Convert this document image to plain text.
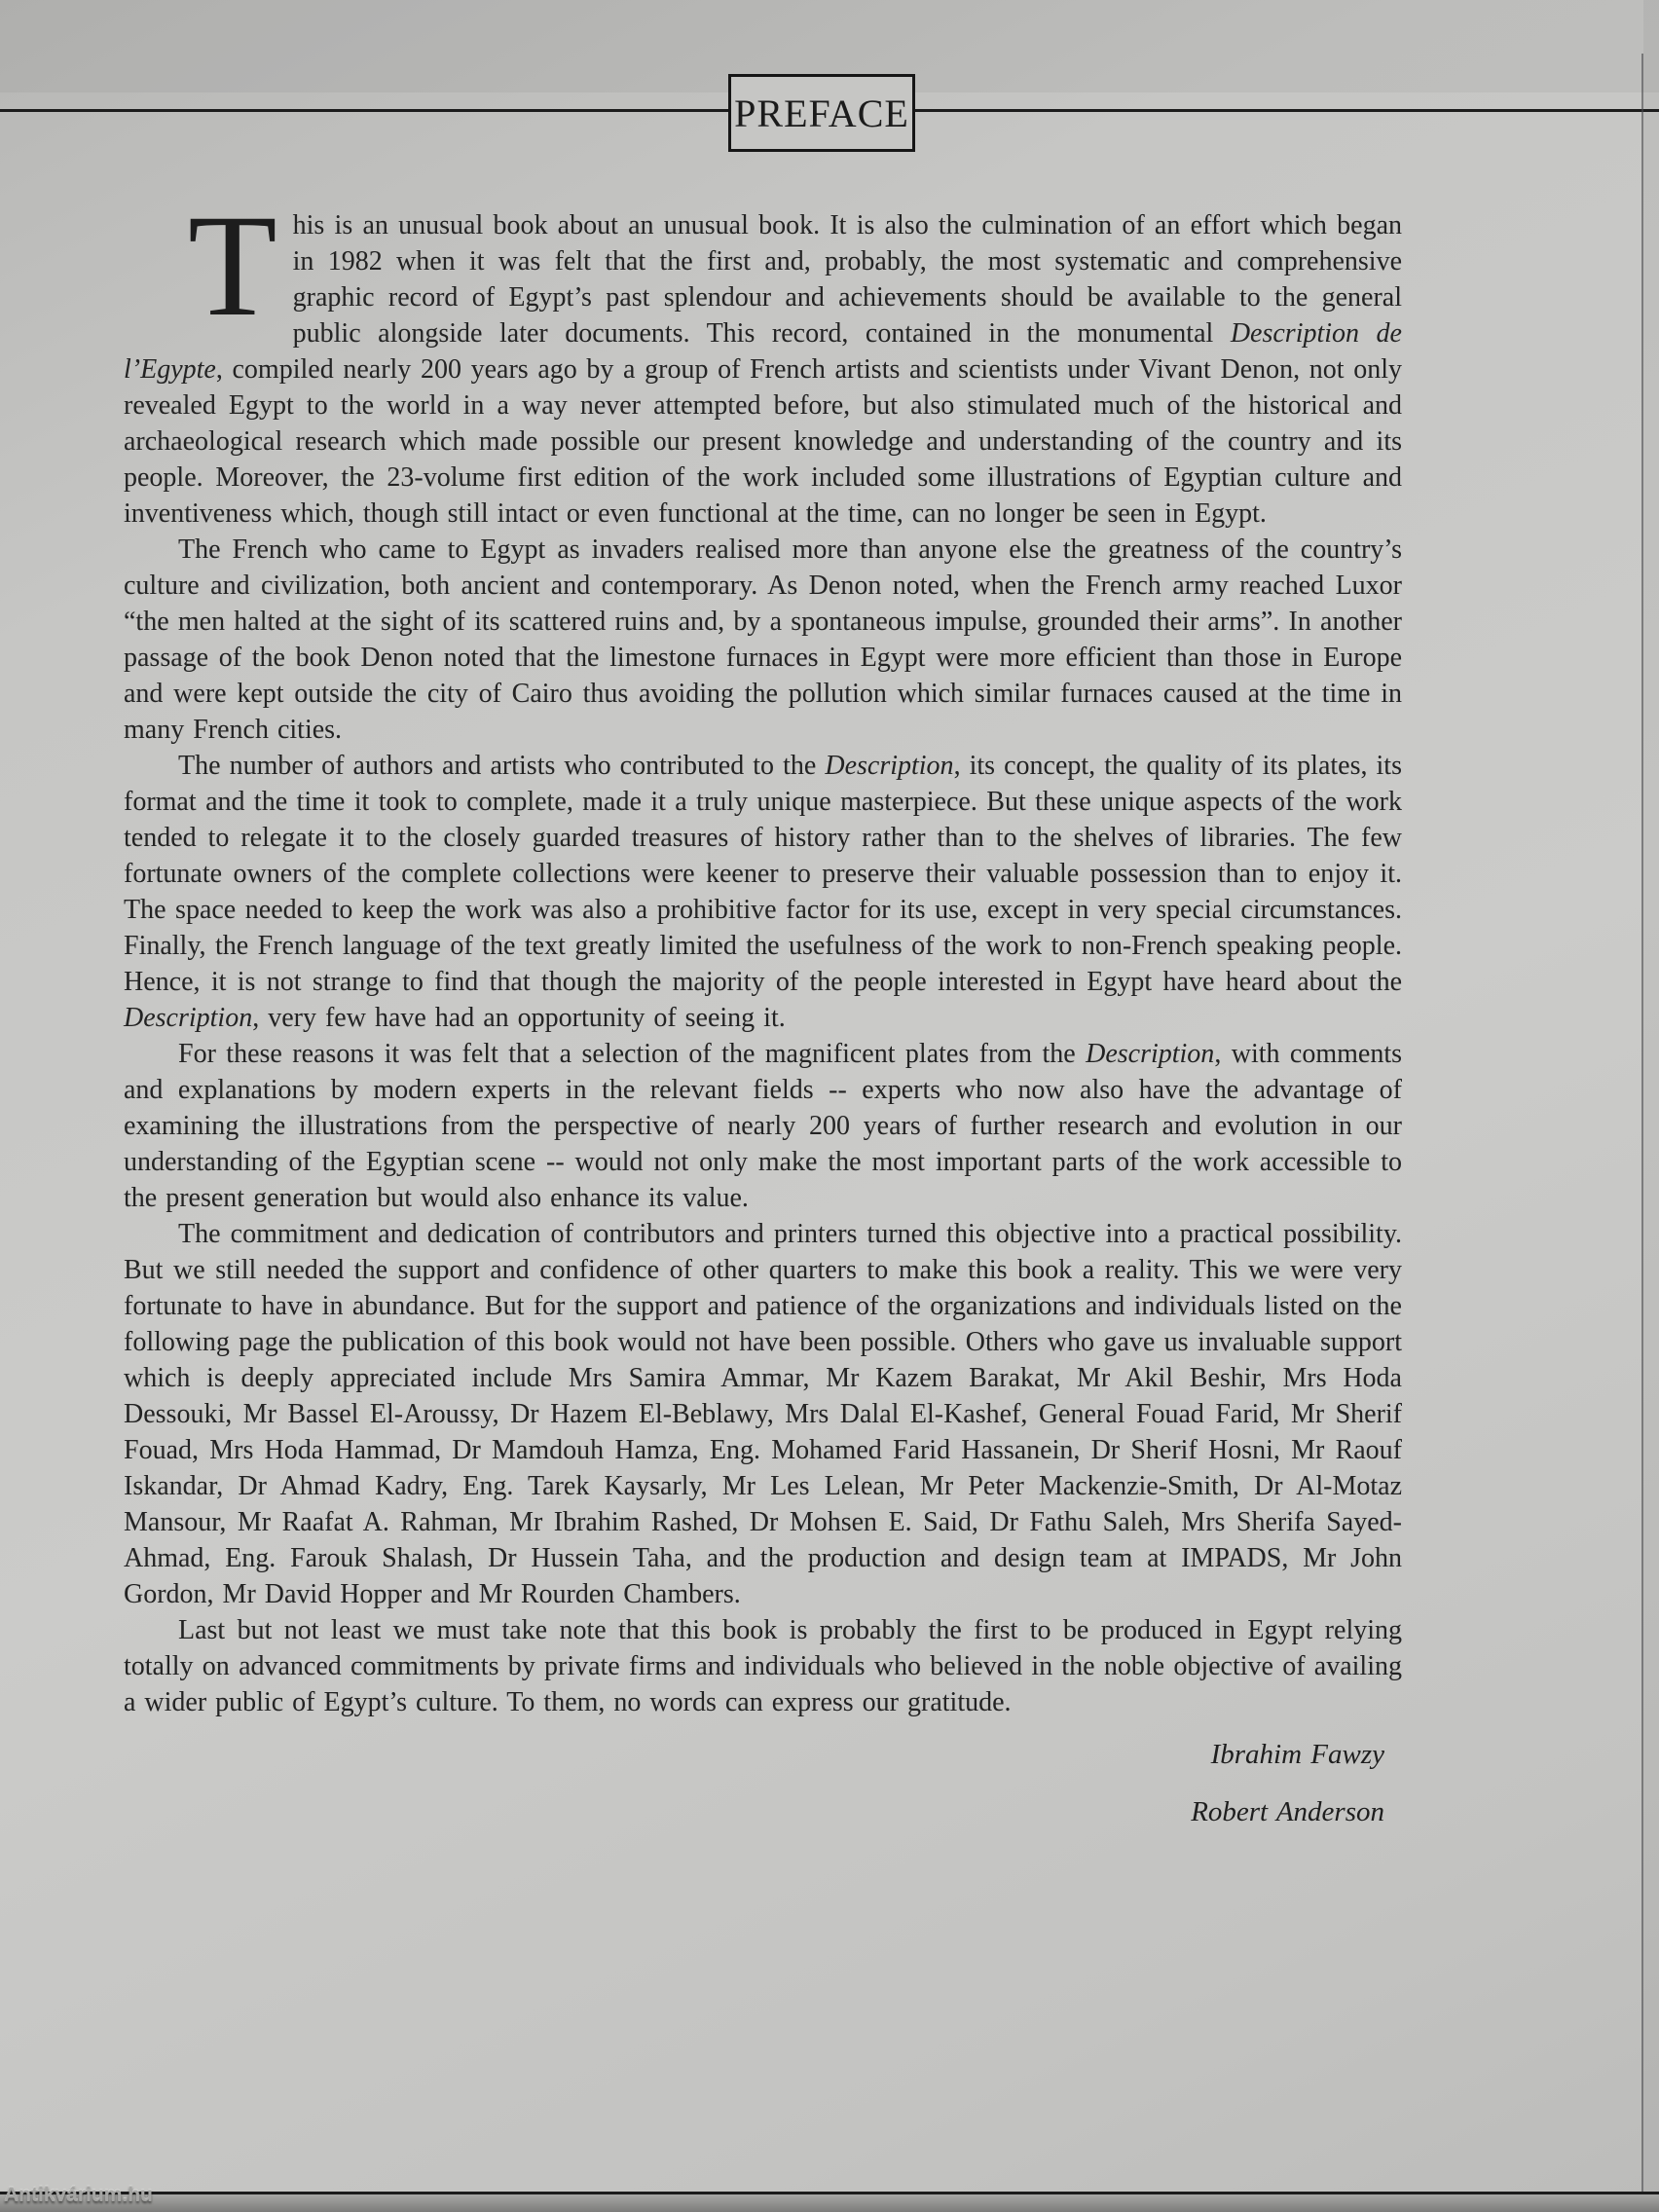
PREFACE

This is an unusual book about an unusual book. It is also the culmination of an effort which began in 1982 when it was felt that the first and, probably, the most systematic and comprehensive graphic record of Egypt’s past splendour and achievements should be available to the general public alongside later documents. This record, contained in the monumental Description de l’Egypte, compiled nearly 200 years ago by a group of French artists and scientists under Vivant Denon, not only revealed Egypt to the world in a way never attempted before, but also stimulated much of the historical and archaeological research which made possible our present knowledge and understanding of the country and its people. Moreover, the 23-volume first edition of the work included some illustrations of Egyptian culture and inventiveness which, though still intact or even functional at the time, can no longer be seen in Egypt.

The French who came to Egypt as invaders realised more than anyone else the greatness of the country’s culture and civilization, both ancient and contemporary. As Denon noted, when the French army reached Luxor “the men halted at the sight of its scattered ruins and, by a spontaneous impulse, grounded their arms”. In another passage of the book Denon noted that the limestone furnaces in Egypt were more efficient than those in Europe and were kept outside the city of Cairo thus avoiding the pollution which similar furnaces caused at the time in many French cities.

The number of authors and artists who contributed to the Description, its concept, the quality of its plates, its format and the time it took to complete, made it a truly unique masterpiece. But these unique aspects of the work tended to relegate it to the closely guarded treasures of history rather than to the shelves of libraries. The few fortunate owners of the complete collections were keener to preserve their valuable possession than to enjoy it. The space needed to keep the work was also a prohibitive factor for its use, except in very special circumstances. Finally, the French language of the text greatly limited the usefulness of the work to non-French speaking people. Hence, it is not strange to find that though the majority of the people interested in Egypt have heard about the Description, very few have had an opportunity of seeing it.

For these reasons it was felt that a selection of the magnificent plates from the Description, with comments and explanations by modern experts in the relevant fields -- experts who now also have the advantage of examining the illustrations from the perspective of nearly 200 years of further research and evolution in our understanding of the Egyptian scene -- would not only make the most important parts of the work accessible to the present generation but would also enhance its value.

The commitment and dedication of contributors and printers turned this objective into a practical possibility. But we still needed the support and confidence of other quarters to make this book a reality. This we were very fortunate to have in abundance. But for the support and patience of the organizations and individuals listed on the following page the publication of this book would not have been possible. Others who gave us invaluable support which is deeply appreciated include Mrs Samira Ammar, Mr Kazem Barakat, Mr Akil Beshir, Mrs Hoda Dessouki, Mr Bassel El-Aroussy, Dr Hazem El-Beblawy, Mrs Dalal El-Kashef, General Fouad Farid, Mr Sherif Fouad, Mrs Hoda Hammad, Dr Mamdouh Hamza, Eng. Mohamed Farid Hassanein, Dr Sherif Hosni, Mr Raouf Iskandar, Dr Ahmad Kadry, Eng. Tarek Kaysarly, Mr Les Lelean, Mr Peter Mackenzie-Smith, Dr Al-Motaz Mansour, Mr Raafat A. Rahman, Mr Ibrahim Rashed, Dr Mohsen E. Said, Dr Fathu Saleh, Mrs Sherifa Sayed-Ahmad, Eng. Farouk Shalash, Dr Hussein Taha, and the production and design team at IMPADS, Mr John Gordon, Mr David Hopper and Mr Rourden Chambers.

Last but not least we must take note that this book is probably the first to be produced in Egypt relying totally on advanced commitments by private firms and individuals who believed in the noble objective of availing a wider public of Egypt’s culture. To them, no words can express our gratitude.

Ibrahim Fawzy
Robert Anderson
Antikvárium.hu
